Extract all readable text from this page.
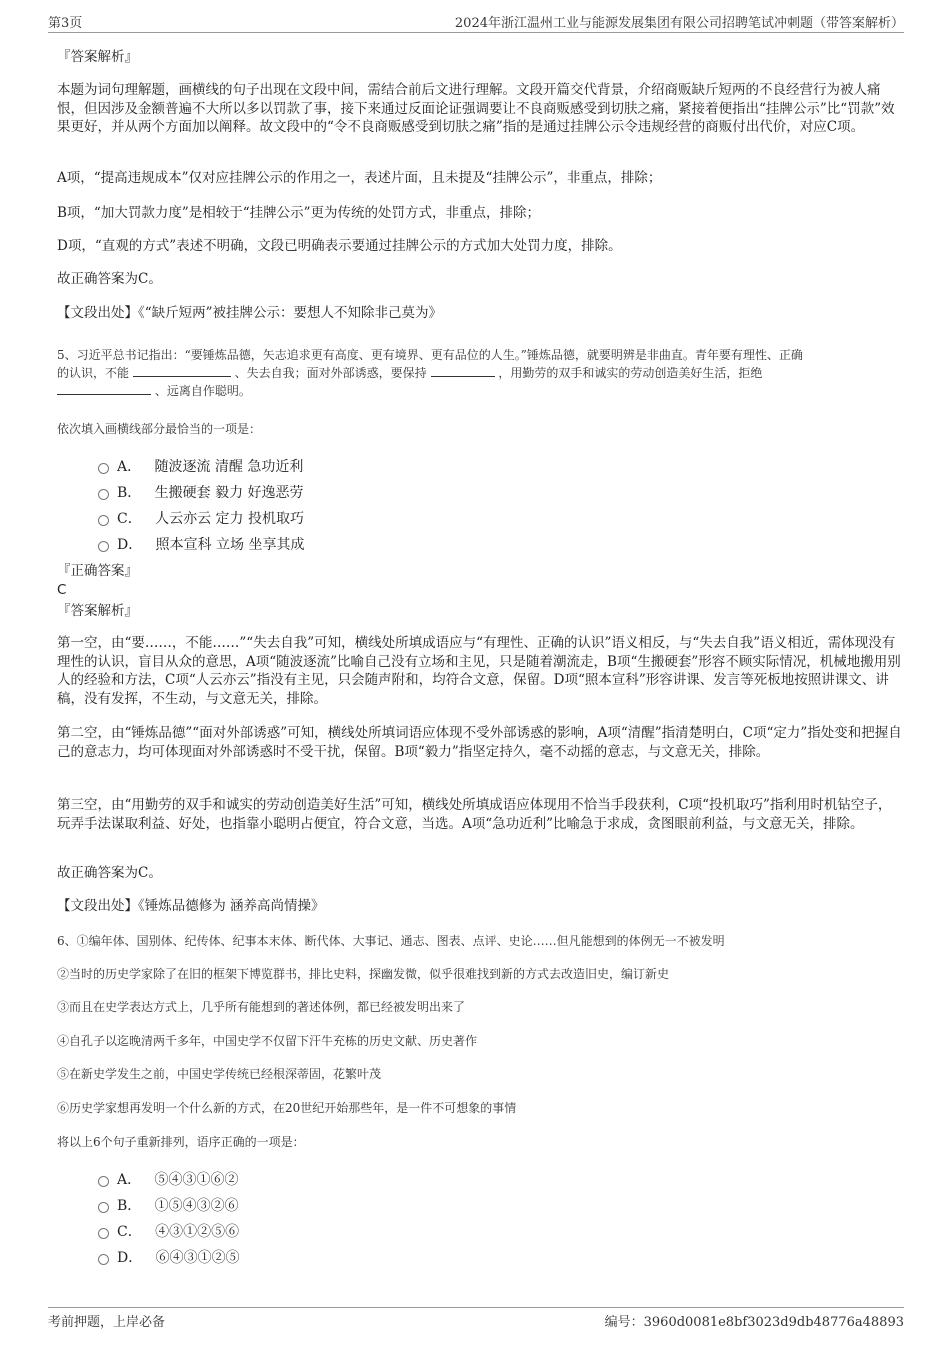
第3页	2024年浙江温州工业与能源发展集团有限公司招聘笔试冲刺题（带答案解析）
『答案解析』
本题为词句理解题，画横线的句子出现在文段中间，需结合前后文进行理解。文段开篇交代背景，介绍商贩缺斤短两的不良经营行为被人痛恨，但因涉及金额普遍不大所以多以罚款了事，接下来通过反面论证强调要让不良商贩感受到切肤之痛，紧接着便指出“挂牌公示”比“罚款”效果更好，并从两个方面加以阐释。故文段中的“令不良商贩感受到切肤之痛”指的是通过挂牌公示令违规经营的商贩付出代价，对应C项。
A项，“提高违规成本”仅对应挂牌公示的作用之一，表述片面，且未提及“挂牌公示”，非重点，排除；
B项，“加大罚款力度”是相较于“挂牌公示”更为传统的处罚方式，非重点，排除；
D项，“直观的方式”表述不明确，文段已明确表示要通过挂牌公示的方式加大处罚力度，排除。
故正确答案为C。
【文段出处】《“缺斤短两”被挂牌公示：要想人不知除非己莫为》
5、习近平总书记指出：“要锤炼品德，矢志追求更有高度、更有境界、更有品位的人生。”锤炼品德，就要明辨是非曲直。青年要有理性、正确
的认识，不能	、失去自我；面对外部诱惑，要保持	，用勤劳的双手和诚实的劳动创造美好生活，拒绝
、远离自作聪明。
依次填入画横线部分最恰当的一项是：
A． 随波逐流 清醒 急功近利
B． 生搬硬套 毅力 好逸恶劳
C． 人云亦云 定力 投机取巧
D． 照本宣科 立场 坐享其成
『正确答案』
C
『答案解析』
第一空，由“要……，不能……”“失去自我”可知，横线处所填成语应与“有理性、正确的认识”语义相反，与“失去自我”语义相近，需体现没有理性的认识，盲目从众的意思，A项“随波逐流”比喻自己没有立场和主见，只是随着潮流走，B项“生搬硬套”形容不顾实际情况，机械地搬用别人的经验和方法，C项“人云亦云”指没有主见，只会随声附和，均符合文意，保留。D项“照本宣科”形容讲课、发言等死板地按照讲课文、讲稿，没有发挥，不生动，与文意无关，排除。
第二空，由“锤炼品德”“面对外部诱惑”可知，横线处所填词语应体现不受外部诱惑的影响，A项“清醒”指清楚明白，C项“定力”指处变和把握自己的意志力，均可体现面对外部诱惑时不受干扰，保留。B项“毅力”指坚定持久，毫不动摇的意志，与文意无关，排除。
第三空，由“用勤劳的双手和诚实的劳动创造美好生活”可知，横线处所填成语应体现用不恰当手段获利，C项“投机取巧”指利用时机钻空子，玩弄手法谋取利益、好处，也指靠小聪明占便宜，符合文意，当选。A项“急功近利”比喻急于求成，贪图眼前利益，与文意无关，排除。
故正确答案为C。
【文段出处】《锤炼品德修为 涵养高尚情操》
6、①编年体、国别体、纪传体、纪事本末体、断代体、大事记、通志、图表、点评、史论……但凡能想到的体例无一不被发明
②当时的历史学家除了在旧的框架下博览群书，排比史料，探幽发微，似乎很难找到新的方式去改造旧史，编订新史
③而且在史学表达方式上，几乎所有能想到的著述体例，都已经被发明出来了
④自孔子以迄晚清两千多年，中国史学不仅留下汗牛充栋的历史文献、历史著作
⑤在新史学发生之前，中国史学传统已经根深蒂固，花繁叶茂
⑥历史学家想再发明一个什么新的方式，在20世纪开始那些年，是一件不可想象的事情
将以上6个句子重新排列，语序正确的一项是：
A． ⑤④③①⑥②
B． ①⑤④③②⑥
C． ④③①②⑤⑥
D． ⑥④③①②⑤
考前押题，上岸必备	编号：3960d0081e8bf3023d9db48776a48893
